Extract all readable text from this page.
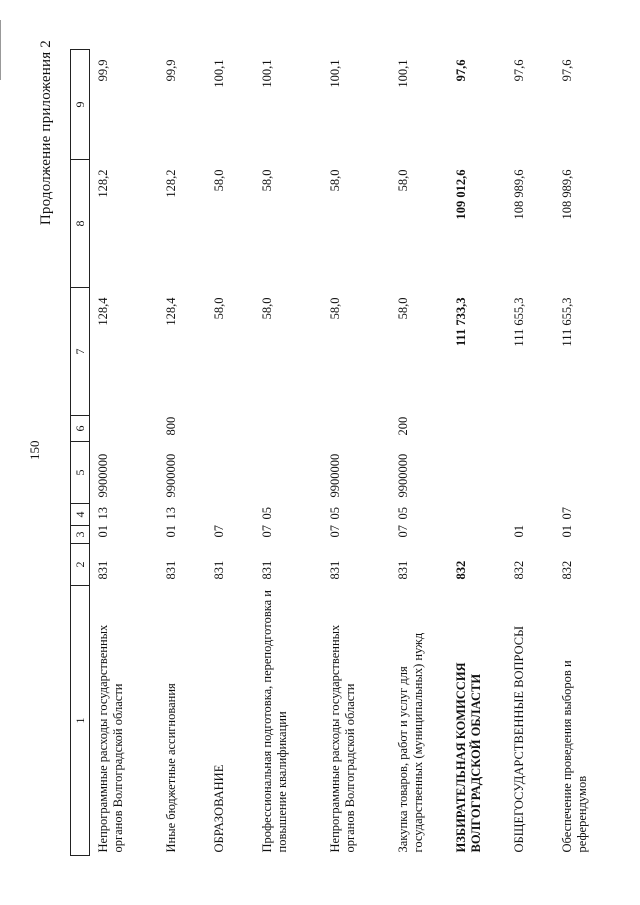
150
Продолжение приложения 2
1	2	3	4	5	6	7	8	9
Непрограммные расходы государственных органов Волгоградской области	831	01	13	9900000		128,4	128,2	99,9
Иные бюджетные ассигнования	831	01	13	9900000	800	128,4	128,2	99,9
ОБРАЗОВАНИЕ	831	07				58,0	58,0	100,1
Профессиональная подготовка, переподготовка и повышение квалификации	831	07	05			58,0	58,0	100,1
Непрограммные расходы государственных органов Волгоградской области	831	07	05	9900000		58,0	58,0	100,1
Закупка товаров, работ и услуг для государственных (муниципальных) нужд	831	07	05	9900000	200	58,0	58,0	100,1
ИЗБИРАТЕЛЬНАЯ КОМИССИЯ ВОЛГОГРАДСКОЙ ОБЛАСТИ	832					111 733,3	109 012,6	97,6
ОБЩЕГОСУДАРСТВЕННЫЕ ВОПРОСЫ	832	01				111 655,3	108 989,6	97,6
Обеспечение проведения выборов и референдумов	832	01	07			111 655,3	108 989,6	97,6
